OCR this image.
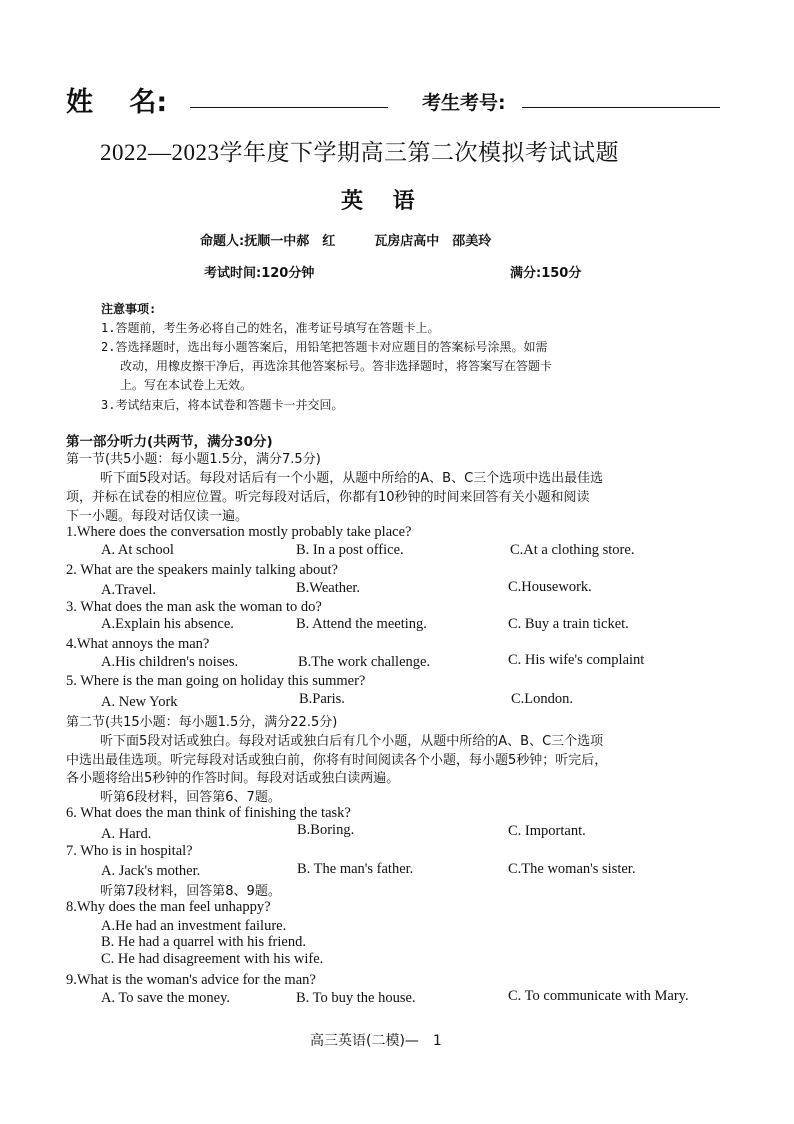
姓　 名:	考生考号:
2022—2023学年度下学期高三第二次模拟考试试题
英　 语
命题人:抚顺一中郝　红　　　瓦房店高中　邵美玲
考试时间:120分钟	满分:150分
注意事项:
1.答题前，考生务必将自己的姓名，准考证号填写在答题卡上。
2.答选择题时，选出每小题答案后，用铅笔把答题卡对应题目的答案标号涂黑。如需
改动，用橡皮擦干净后，再选涂其他答案标号。答非选择题时，将答案写在答题卡
上。写在本试卷上无效。
3.考试结束后，将本试卷和答题卡一并交回。
第一部分听力(共两节，满分30分)
第一节(共5小题：每小题1.5分，满分7.5分)
听下面5段对话。每段对话后有一个小题，从题中所给的A、B、C三个选项中选出最佳选
项，并标在试卷的相应位置。听完每段对话后，你都有10秒钟的时间来回答有关小题和阅读
下一小题。每段对话仅读一遍。
1.Where does the conversation mostly probably take place?
A. At school	B. In a post office.	C.At a clothing store.
2. What are the speakers mainly talking about?
A.Travel.	B.Weather.	C.Housework.
3. What does the man ask the woman to do?
A.Explain his absence.	B. Attend the meeting.	C. Buy a train ticket.
4.What annoys the man?
A.His children's noises.	B.The work challenge.	C. His wife's complaint
5. Where is the man going on holiday this summer?
A. New York	B.Paris.	C.London.
第二节(共15小题：每小题1.5分，满分22.5分)
听下面5段对话或独白。每段对话或独白后有几个小题，从题中所给的A、B、C三个选项
中选出最佳选项。听完每段对话或独白前，你将有时间阅读各个小题，每小题5秒钟；听完后，
各小题将给出5秒钟的作答时间。每段对话或独白读两遍。
听第6段材料，回答第6、7题。
6. What does the man think of finishing the task?
A. Hard.	B.Boring.	C. Important.
7. Who is in hospital?
A. Jack's mother.	B. The man's father.	C.The woman's sister.
听第7段材料，回答第8、9题。
8.Why does the man feel unhappy?
A.He had an investment failure.
B. He had a quarrel with his friend.
C. He had disagreement with his wife.
9.What is the woman's advice for the man?
A. To save the money.	B. To buy the house.	C. To communicate with Mary.
高三英语(二模)—　1
